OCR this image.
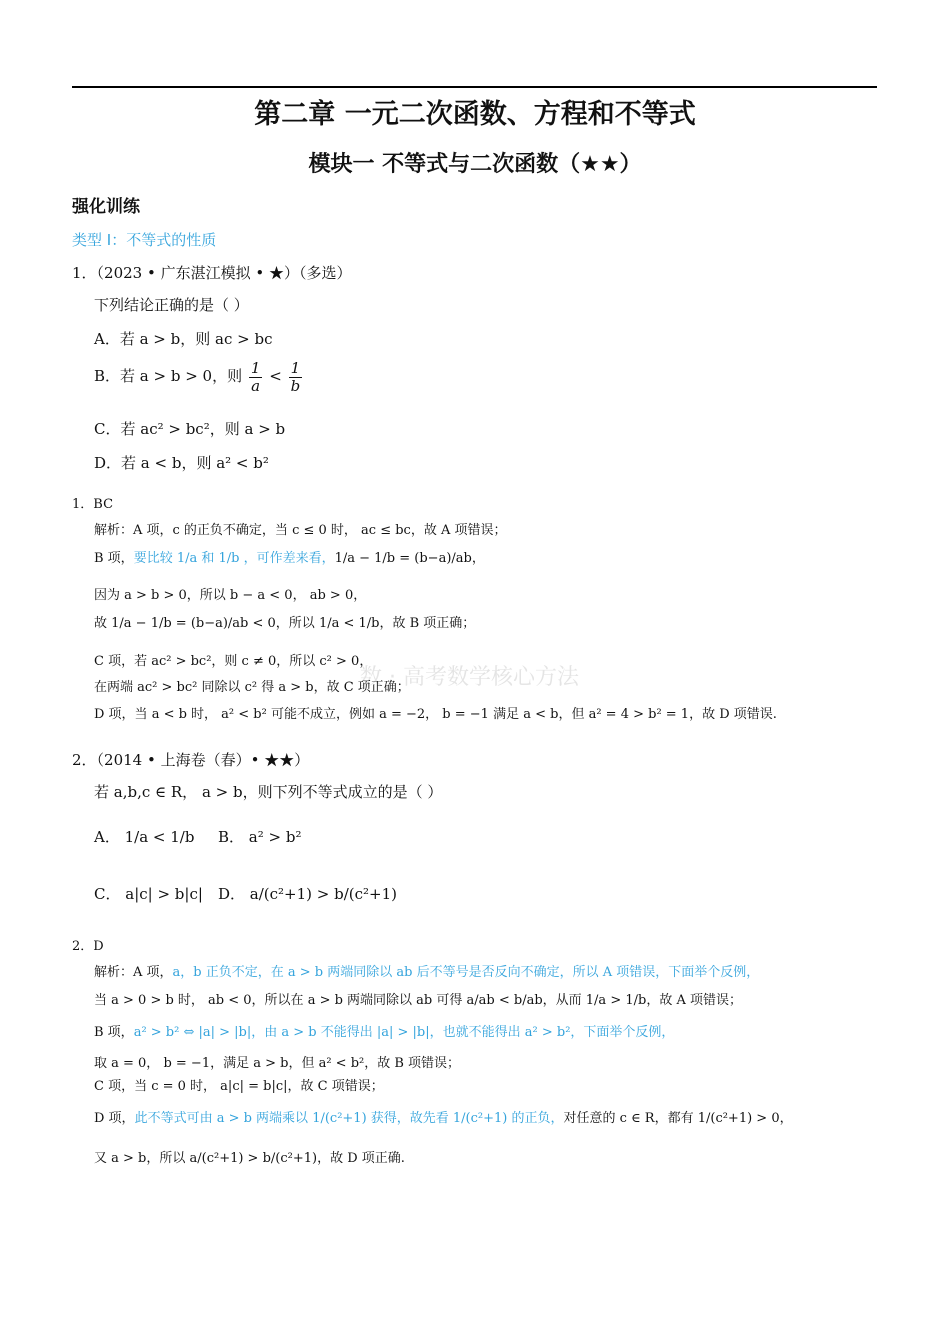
第二章 一元二次函数、方程和不等式
模块一 不等式与二次函数（★★）
强化训练
类型 I：不等式的性质
数 · 高考数学核心方法
1．（2023 • 广东湛江模拟 • ★）（多选）
下列结论正确的是（ ）
A．若 a > b，则 ac > bc
B．若 a > b > 0，则 $\frac{1}{a} < \frac{1}{b}$
C．若 ac² > bc²，则 a > b
D．若 a < b，则 a² < b²
1．BC
解析：A 项，c 的正负不确定，当 c ≤ 0 时， ac ≤ bc，故 A 项错误；
B 项，要比较 1/a 和 1/b ，可作差来看，1/a − 1/b = (b−a)/ab，
因为 a > b > 0，所以 b − a < 0， ab > 0，
故 1/a − 1/b = (b−a)/ab < 0，所以 1/a < 1/b，故 B 项正确；
C 项，若 ac² > bc²，则 c ≠ 0，所以 c² > 0，
在两端 ac² > bc² 同除以 c² 得 a > b，故 C 项正确；
D 项，当 a < b 时， a² < b² 可能不成立，例如 a = −2， b = −1 满足 a < b，但 a² = 4 > b² = 1，故 D 项错误.
2．（2014 • 上海卷（春）• ★★）
若 a,b,c ∈ R， a > b，则下列不等式成立的是（ ）
A． 1/a < 1/b B． a² > b²
C． a|c| > b|c| D． a/(c²+1) > b/(c²+1)
2．D
解析：A 项，a，b 正负不定，在 a > b 两端同除以 ab 后不等号是否反向不确定，所以 A 项错误，下面举个反例，
当 a > 0 > b 时， ab < 0，所以在 a > b 两端同除以 ab 可得 a/ab < b/ab，从而 1/a > 1/b，故 A 项错误；
B 项，a² > b² ⇔ |a| > |b|，由 a > b 不能得出 |a| > |b|，也就不能得出 a² > b²，下面举个反例，
取 a = 0， b = −1，满足 a > b，但 a² < b²，故 B 项错误；
C 项，当 c = 0 时， a|c| = b|c|，故 C 项错误；
D 项，此不等式可由 a > b 两端乘以 1/(c²+1) 获得，故先看 1/(c²+1) 的正负，对任意的 c ∈ R，都有 1/(c²+1) > 0，
又 a > b，所以 a/(c²+1) > b/(c²+1)，故 D 项正确.
